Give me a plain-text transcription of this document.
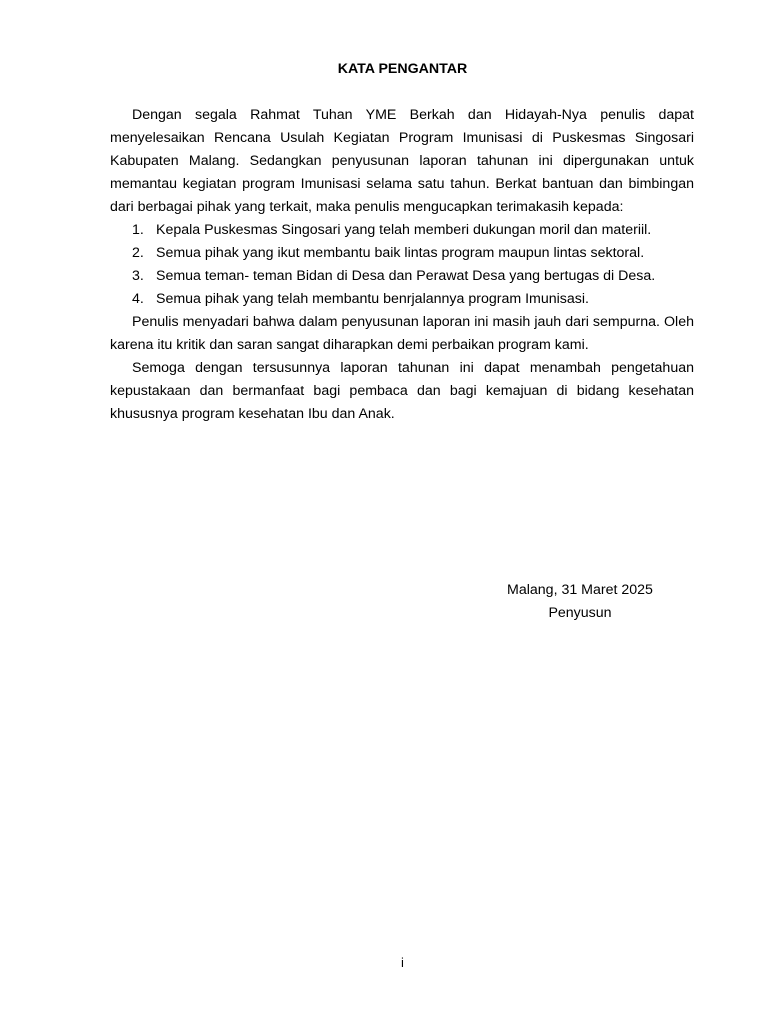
KATA PENGANTAR

Dengan segala Rahmat Tuhan YME Berkah dan Hidayah-Nya penulis dapat menyelesaikan Rencana Usulah Kegiatan Program Imunisasi di Puskesmas Singosari Kabupaten Malang. Sedangkan penyusunan laporan tahunan ini dipergunakan untuk memantau kegiatan program Imunisasi selama satu tahun. Berkat bantuan dan bimbingan dari berbagai pihak yang terkait, maka penulis mengucapkan terimakasih kepada:

1. Kepala Puskesmas Singosari yang telah memberi dukungan moril dan materiil.
2. Semua pihak yang ikut membantu baik lintas program maupun lintas sektoral.
3. Semua teman- teman Bidan di Desa dan Perawat Desa yang bertugas di Desa.
4. Semua pihak yang telah membantu benrjalannya program Imunisasi.

Penulis menyadari bahwa dalam penyusunan laporan ini masih jauh dari sempurna. Oleh karena itu kritik dan saran sangat diharapkan demi perbaikan program kami.

Semoga dengan tersusunnya laporan tahunan ini dapat menambah pengetahuan kepustakaan dan bermanfaat bagi pembaca dan bagi kemajuan di bidang kesehatan khususnya program kesehatan Ibu dan Anak.

Malang, 31 Maret 2025
Penyusun
i
